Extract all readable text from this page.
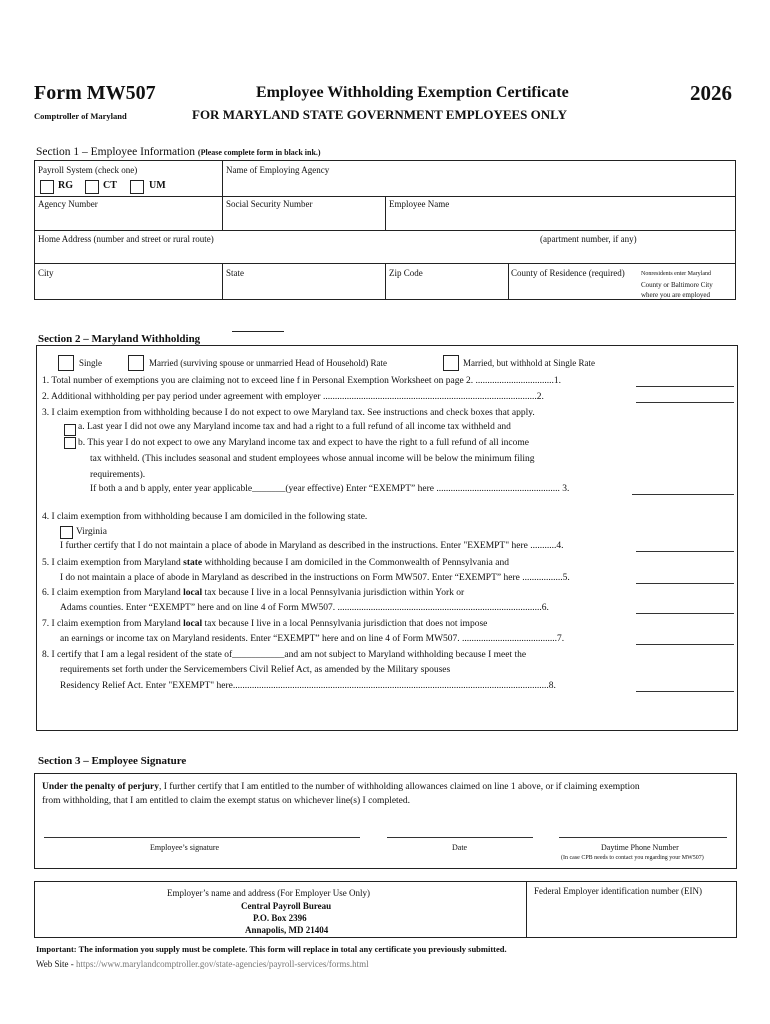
Form MW507
Comptroller of Maryland
Employee Withholding Exemption Certificate
FOR MARYLAND STATE GOVERNMENT EMPLOYEES ONLY
2026
Section 1 – Employee Information (Please complete form in black ink.)
Payroll System (check one)
RG	CT	UM
Name of Employing Agency
Agency Number	Social Security Number	Employee Name
Home Address (number and street or rural route)	(apartment number, if any)
City	State	Zip Code	County of Residence (required)	Nonresidents enter Maryland
County or Baltimore City
where you are employed
Section 2 – Maryland Withholding
Single	Married (surviving spouse or unmarried Head of Household) Rate	Married, but withhold at Single Rate
1. Total number of exemptions you are claiming not to exceed line f in Personal Exemption Worksheet on page 2. .................................1.
2. Additional withholding per pay period under agreement with employer ..........................................................................................2.
3. I claim exemption from withholding because I do not expect to owe Maryland tax. See instructions and check boxes that apply.
a. Last year I did not owe any Maryland income tax and had a right to a full refund of all income tax withheld and
b. This year I do not expect to owe any Maryland income tax and expect to have the right to a full refund of all income
tax withheld. (This includes seasonal and student employees whose annual income will be below the minimum filing
requirements).
If both a and b apply, enter year applicable_______(year effective) Enter “EXEMPT” here .................................................... 3.
4. I claim exemption from withholding because I am domiciled in the following state.
Virginia
I further certify that I do not maintain a place of abode in Maryland as described in the instructions. Enter "EXEMPT" here ...........4.
5. I claim exemption from Maryland state withholding because I am domiciled in the Commonwealth of Pennsylvania and
I do not maintain a place of abode in Maryland as described in the instructions on Form MW507. Enter “EXEMPT” here .................5.
6. I claim exemption from Maryland local tax because I live in a local Pennsylvania jurisdiction within York or
Adams counties. Enter “EXEMPT” here and on line 4 of Form MW507. ......................................................................................6.
7. I claim exemption from Maryland local tax because I live in a local Pennsylvania jurisdiction that does not impose
an earnings or income tax on Maryland residents. Enter “EXEMPT” here and on line 4 of Form MW507. ........................................7.
8. I certify that I am a legal resident of the state of___________and am not subject to Maryland withholding because I meet the
requirements set forth under the Servicemembers Civil Relief Act, as amended by the Military spouses
Residency Relief Act. Enter "EXEMPT" here.....................................................................................................................................8.
Section 3 – Employee Signature
Under the penalty of perjury, I further certify that I am entitled to the number of withholding allowances claimed on line 1 above, or if claiming exemption
from withholding, that I am entitled to claim the exempt status on whichever line(s) I completed.
Employee’s signature	Date	Daytime Phone Number
(In case CPB needs to contact you regarding your MW507)
Employer’s name and address (For Employer Use Only)
Central Payroll Bureau
P.O. Box 2396
Annapolis, MD 21404
Federal Employer identification number (EIN)
Important: The information you supply must be complete. This form will replace in total any certificate you previously submitted.
Web Site - https://www.marylandcomptroller.gov/state-agencies/payroll-services/forms.html
